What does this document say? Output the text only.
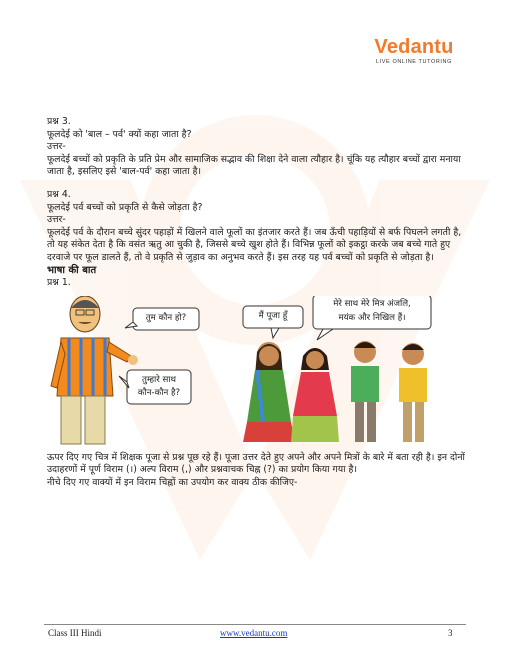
Vedantu
LIVE ONLINE TUTORING

प्रश्न 3.

फूलदेई को 'बाल – पर्व' क्यों कहा जाता है?

उत्तर-

फूलदेई बच्चों को प्रकृति के प्रति प्रेम और सामाजिक सद्भाव की शिक्षा देने वाला त्यौहार है। चूंकि यह त्यौहार बच्चों द्वारा मनाया जाता है, इसलिए इसे 'बाल-पर्व' कहा जाता है।

प्रश्न 4.

फूलदेई पर्व बच्चों को प्रकृति से कैसे जोड़ता है?

उत्तर-

फूलदेई पर्व के दौरान बच्चे सुंदर पहाड़ों में खिलने वाले फूलों का इंतजार करते हैं। जब ऊँची पहाड़ियों से बर्फ पिघलने लगती है, तो यह संकेत देता है कि वसंत ऋतु आ चुकी है, जिससे बच्चे खुश होते हैं। विभिन्न फूलों को इकट्ठा करके जब बच्चे गाते हुए दरवाजे पर फूल डालते हैं, तो वे प्रकृति से जुड़ाव का अनुभव करते हैं। इस तरह यह पर्व बच्चों को प्रकृति से जोड़ता है।

भाषा की बात

प्रश्न 1.

तुम कौन हो?
तुम्हारे साथ
कौन-कौन है?
मैं पूजा हूँ
मेरे साथ मेरे मित्र अंजलि,
मयंक और निखिल हैं।

ऊपर दिए गए चित्र में शिक्षक पूजा से प्रश्न पूछ रहे हैं। पूजा उत्तर देते हुए अपने और अपने मित्रों के बारे में बता रही है। इन दोनों उदाहरणों में पूर्ण विराम (।) अल्प विराम (,) और प्रश्नवाचक चिह्न (?) का प्रयोग किया गया है।

नीचे दिए गए वाक्यों में इन विराम चिह्नों का उपयोग कर वाक्य ठीक कीजिए-

Class III Hindi	www.vedantu.com	3
